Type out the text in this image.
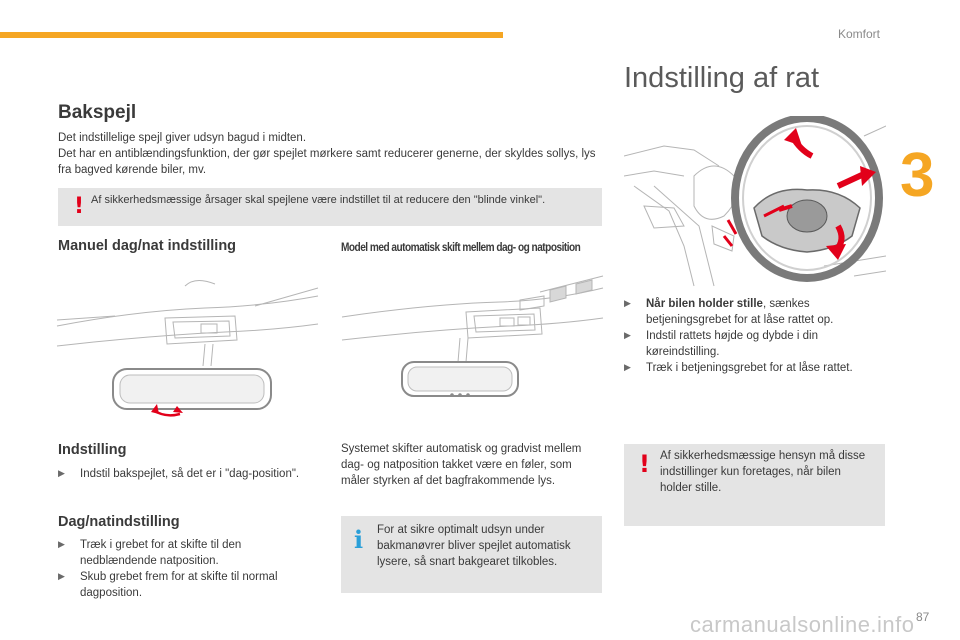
Komfort
3
Bakspejl
Det indstillelige spejl giver udsyn bagud i midten.
Det har en antiblændingsfunktion, der gør spejlet mørkere samt reducerer generne, der skyldes sollys, lys fra bagved kørende biler, mv.
! Af sikkerhedsmæssige årsager skal spejlene være indstillet til at reducere den "blinde vinkel".
Manuel dag/nat indstilling	Model med automatisk skift mellem dag- og natposition
Indstilling
▶ Indstil bakspejlet, så det er i "dag-position".
Dag/natindstilling
▶ Træk i grebet for at skifte til den nedblændende natposition.
▶ Skub grebet frem for at skifte til normal dagposition.
Systemet skifter automatisk og gradvist mellem dag- og natposition takket være en føler, som måler styrken af det bagfrakommende lys.
i For at sikre optimalt udsyn under bakmanøvrer bliver spejlet automatisk lysere, så snart bakgearet tilkobles.
Indstilling af rat
▶ Når bilen holder stille, sænkes betjeningsgrebet for at låse rattet op.
▶ Indstil rattets højde og dybde i din køreindstilling.
▶ Træk i betjeningsgrebet for at låse rattet.
! Af sikkerhedsmæssige hensyn må disse indstillinger kun foretages, når bilen holder stille.
carmanualsonline.info 87
